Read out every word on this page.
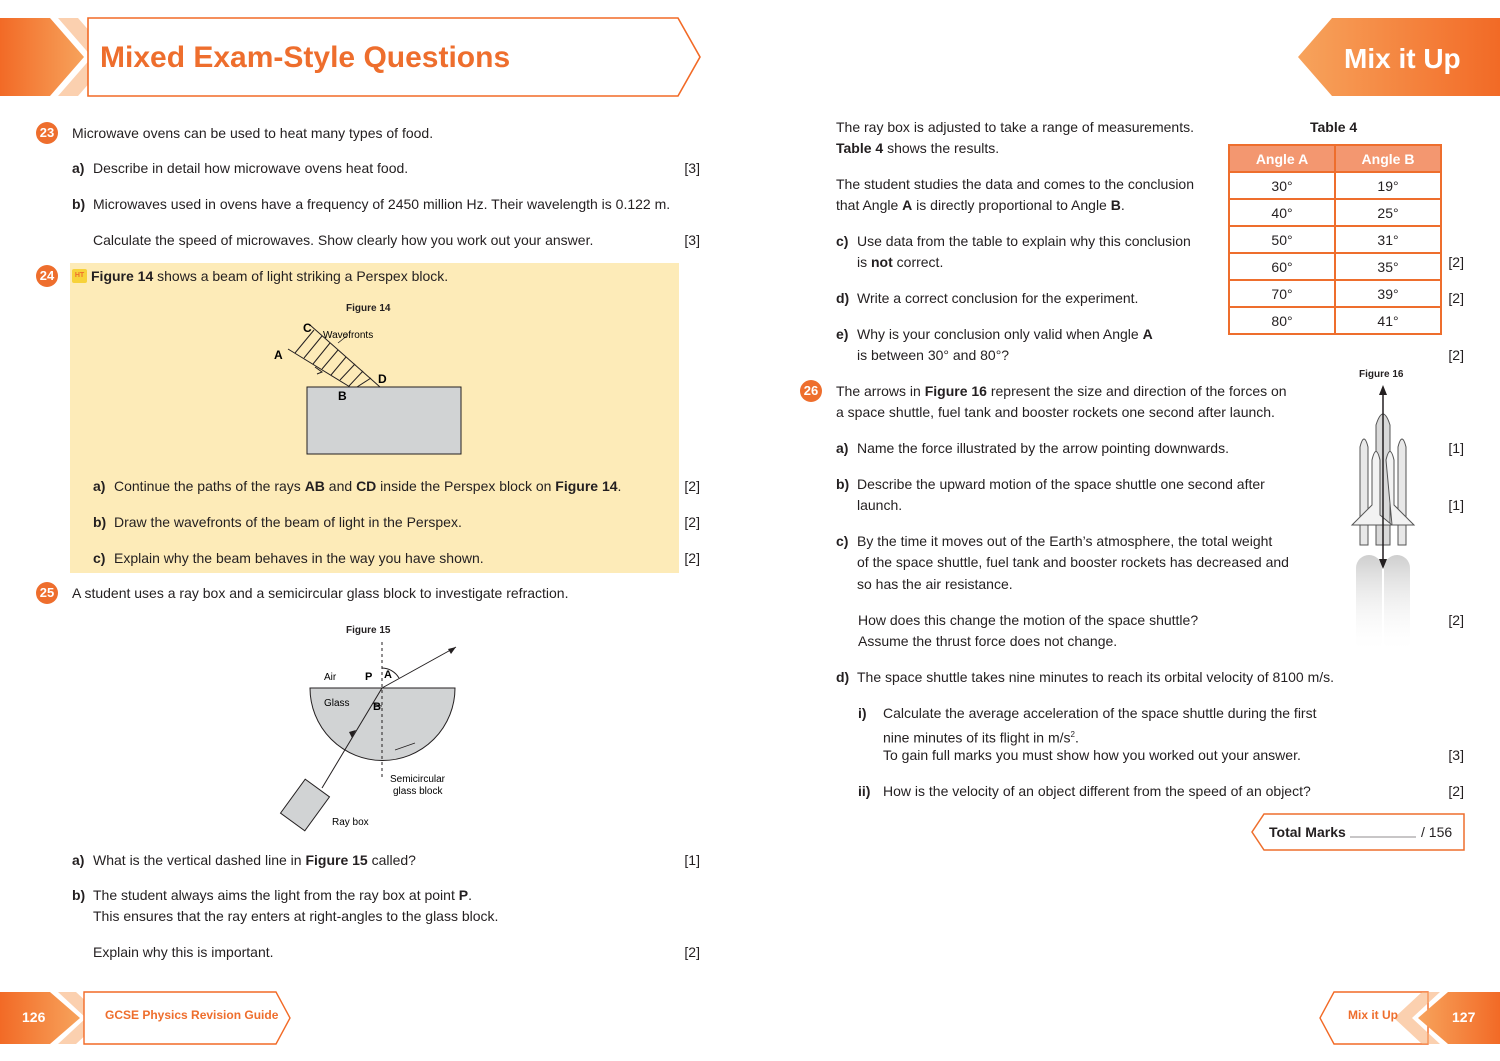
Mixed Exam-Style Questions	Mix it Up
23 Microwave ovens can be used to heat many types of food.
a) Describe in detail how microwave ovens heat food.	[3]
b) Microwaves used in ovens have a frequency of 2450 million Hz. Their wavelength is 0.122 m.
Calculate the speed of microwaves. Show clearly how you work out your answer.	[3]
24	HT Figure 14 shows a beam of light striking a Perspex block.
Figure 14
C
Wavefronts
A
D
B
a) Continue the paths of the rays AB and CD inside the Perspex block on Figure 14.	[2]
b) Draw the wavefronts of the beam of light in the Perspex.	[2]
c) Explain why the beam behaves in the way you have shown.	[2]
25 A student uses a ray box and a semicircular glass block to investigate refraction.
Figure 15
Air
Glass
P A
B
Semicircular
glass block
Ray box
a) What is the vertical dashed line in Figure 15 called?	[1]
b) The student always aims the light from the ray box at point P.
This ensures that the ray enters at right-angles to the glass block.
Explain why this is important.	[2]
126	GCSE Physics Revision Guide
The ray box is adjusted to take a range of measurements.
Table 4 shows the results.
The student studies the data and comes to the conclusion
that Angle A is directly proportional to Angle B.
c) Use data from the table to explain why this conclusion
is not correct.	[2]
d) Write a correct conclusion for the experiment.	[2]
e) Why is your conclusion only valid when Angle A
is between 30° and 80°?	[2]
Table 4
Angle A	Angle B
30°	19°
40°	25°
50°	31°
60°	35°
70°	39°
80°	41°
26 The arrows in Figure 16 represent the size and direction of the forces on
a space shuttle, fuel tank and booster rockets one second after launch.
Figure 16
a) Name the force illustrated by the arrow pointing downwards.	[1]
b) Describe the upward motion of the space shuttle one second after
launch.	[1]
c) By the time it moves out of the Earth’s atmosphere, the total weight
of the space shuttle, fuel tank and booster rockets has decreased and
so has the air resistance.
How does this change the motion of the space shuttle?
Assume the thrust force does not change.
[2]
d) The space shuttle takes nine minutes to reach its orbital velocity of 8100 m/s.
i) Calculate the average acceleration of the space shuttle during the first
nine minutes of its flight in $m/s^2$.
To gain full marks you must show how you worked out your answer.	[3]
ii) How is the velocity of an object different from the speed of an object?	[2]
Total Marks	/ 156
Mix it Up	127
